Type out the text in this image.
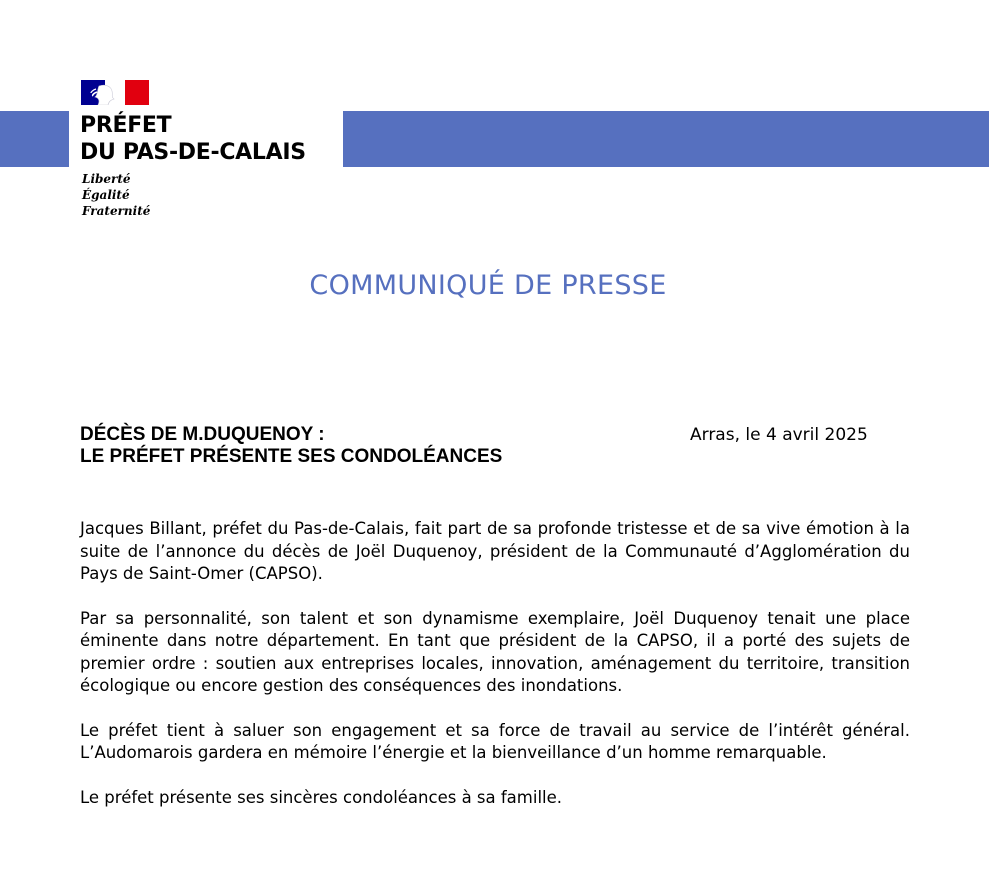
PRÉFET
DU PAS-DE-CALAIS
Liberté
Égalité
Fraternité
COMMUNIQUÉ DE PRESSE
DÉCÈS DE M.DUQUENOY :
LE PRÉFET PRÉSENTE SES CONDOLÉANCES
Arras, le 4 avril 2025

Jacques Billant, préfet du Pas-de-Calais, fait part de sa profonde tristesse et de sa vive émotion à la suite de l’annonce du décès de Joël Duquenoy, président de la Communauté d’Agglomération du Pays de Saint-Omer (CAPSO).

Par sa personnalité, son talent et son dynamisme exemplaire, Joël Duquenoy tenait une place éminente dans notre département. En tant que président de la CAPSO, il a porté des sujets de premier ordre : soutien aux entreprises locales, innovation, aménagement du territoire, transition écologique ou encore gestion des conséquences des inondations.

Le préfet tient à saluer son engagement et sa force de travail au service de l’intérêt général. L’Audomarois gardera en mémoire l’énergie et la bienveillance d’un homme remarquable.

Le préfet présente ses sincères condoléances à sa famille.
